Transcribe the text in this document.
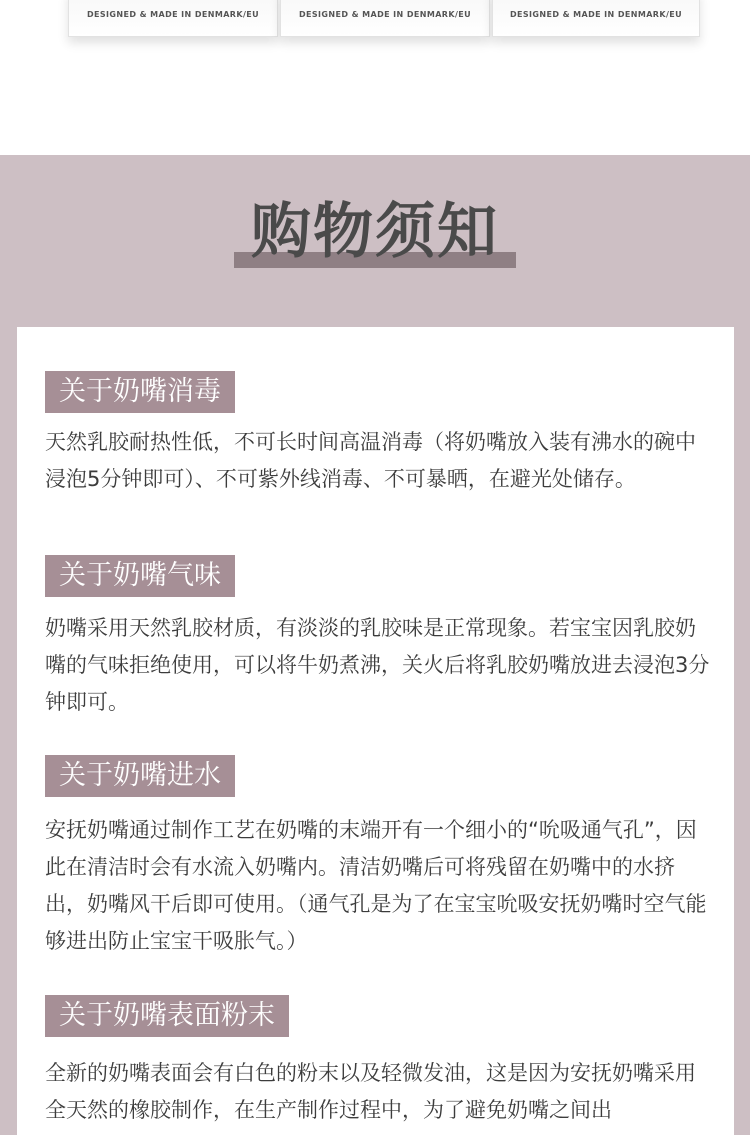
DESIGNED & MADE IN DENMARK/EU	DESIGNED & MADE IN DENMARK/EU	DESIGNED & MADE IN DENMARK/EU
购物须知
关于奶嘴消毒

天然乳胶耐热性低，不可长时间高温消毒（将奶嘴放入装有沸水的碗中浸泡5分钟即可）、不可紫外线消毒、不可暴晒，在避光处储存。

关于奶嘴气味

奶嘴采用天然乳胶材质，有淡淡的乳胶味是正常现象。若宝宝因乳胶奶嘴的气味拒绝使用，可以将牛奶煮沸，关火后将乳胶奶嘴放进去浸泡3分钟即可。

关于奶嘴进水

安抚奶嘴通过制作工艺在奶嘴的末端开有一个细小的“吮吸通气孔”，因此在清洁时会有水流入奶嘴内。清洁奶嘴后可将残留在奶嘴中的水挤出，奶嘴风干后即可使用。（通气孔是为了在宝宝吮吸安抚奶嘴时空气能够进出防止宝宝干吸胀气。）

关于奶嘴表面粉末

全新的奶嘴表面会有白色的粉末以及轻微发油，这是因为安抚奶嘴采用全天然的橡胶制作，在生产制作过程中，为了避免奶嘴之间出
